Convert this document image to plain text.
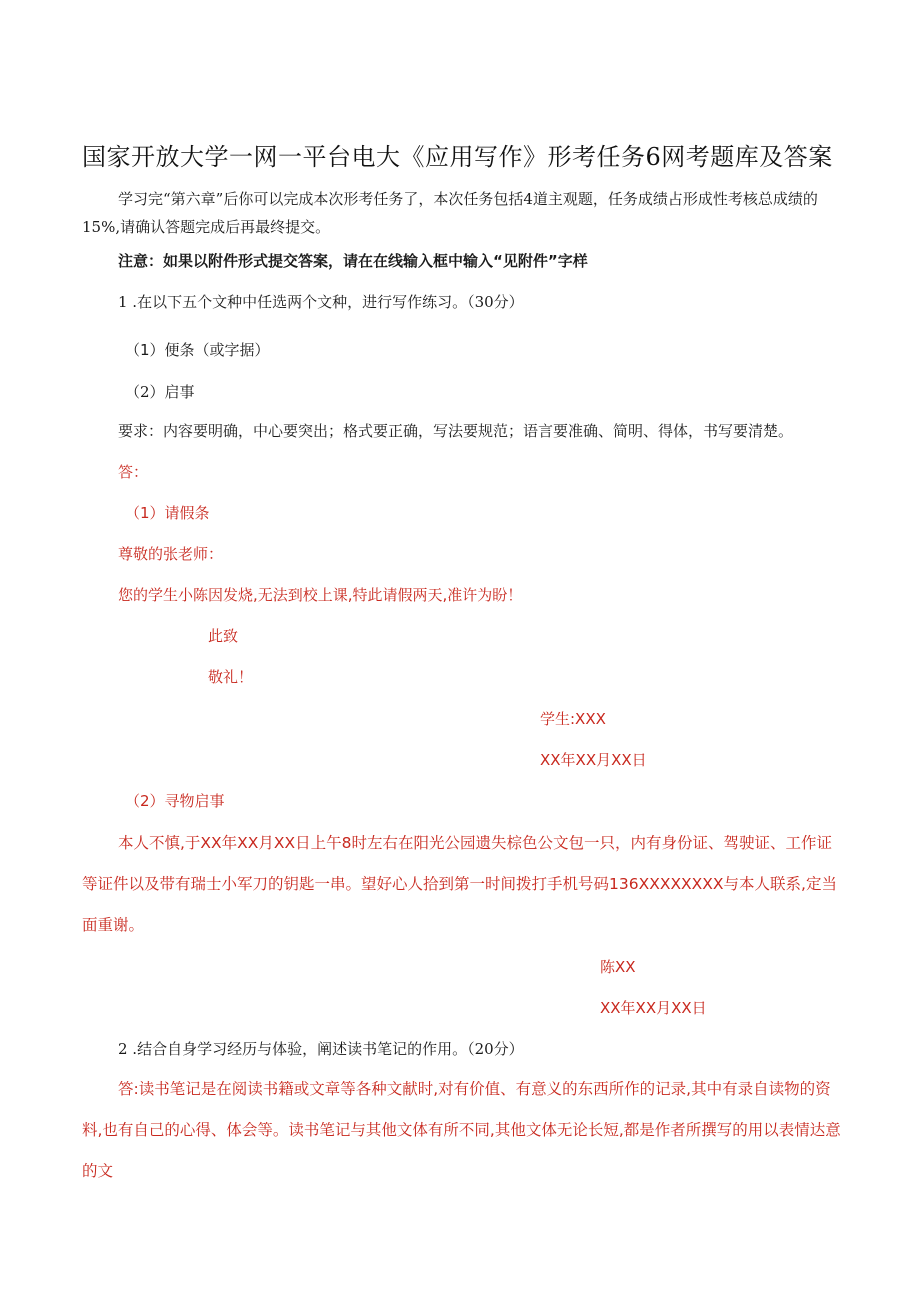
国家开放大学一网一平台电大《应用写作》形考任务6网考题库及答案
学习完“第六章”后你可以完成本次形考任务了，本次任务包括4道主观题，任务成绩占形成性考核总成绩的15%,请确认答题完成后再最终提交。
注意：如果以附件形式提交答案，请在在线输入框中输入“见附件”字样
1 .在以下五个文种中任选两个文种，进行写作练习。（30分）
（1）便条（或字据）
（2）启事
要求：内容要明确，中心要突出；格式要正确，写法要规范；语言要准确、简明、得体，书写要清楚。
答：
（1）请假条
尊敬的张老师：
您的学生小陈因发烧,无法到校上课,特此请假两天,准许为盼！
此致
敬礼！
学生:XXX
XX年XX月XX日
（2）寻物启事
本人不慎,于XX年XX月XX日上午8时左右在阳光公园遗失棕色公文包一只，内有身份证、驾驶证、工作证等证件以及带有瑞士小军刀的钥匙一串。望好心人拾到第一时间拨打手机号码136XXXXXXXX与本人联系,定当面重谢。
陈XX
XX年XX月XX日
2 .结合自身学习经历与体验，阐述读书笔记的作用。（20分）
答:读书笔记是在阅读书籍或文章等各种文献时,对有价值、有意义的东西所作的记录,其中有录自读物的资料,也有自己的心得、体会等。读书笔记与其他文体有所不同,其他文体无论长短,都是作者所撰写的用以表情达意的文
